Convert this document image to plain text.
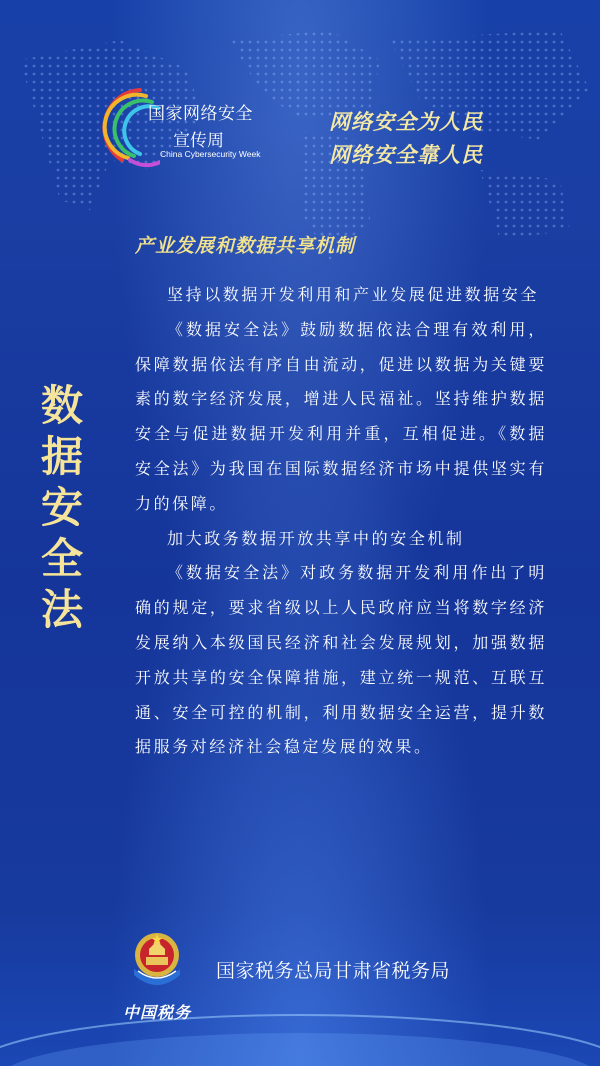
国家网络安全
宣传周
China Cybersecurity Week
网络安全为人民
网络安全靠人民
产业发展和数据共享机制
数据安全法

坚持以数据开发利用和产业发展促进数据安全

《数据安全法》鼓励数据依法合理有效利用，保障数据依法有序自由流动，促进以数据为关键要素的数字经济发展，增进人民福祉。坚持维护数据安全与促进数据开发利用并重，互相促进。《数据安全法》为我国在国际数据经济市场中提供坚实有力的保障。

加大政务数据开放共享中的安全机制

《数据安全法》对政务数据开发利用作出了明确的规定，要求省级以上人民政府应当将数字经济发展纳入本级国民经济和社会发展规划，加强数据开放共享的安全保障措施，建立统一规范、互联互通、安全可控的机制，利用数据安全运营，提升数据服务对经济社会稳定发展的效果。

国家税务总局甘肃省税务局
中国税务
